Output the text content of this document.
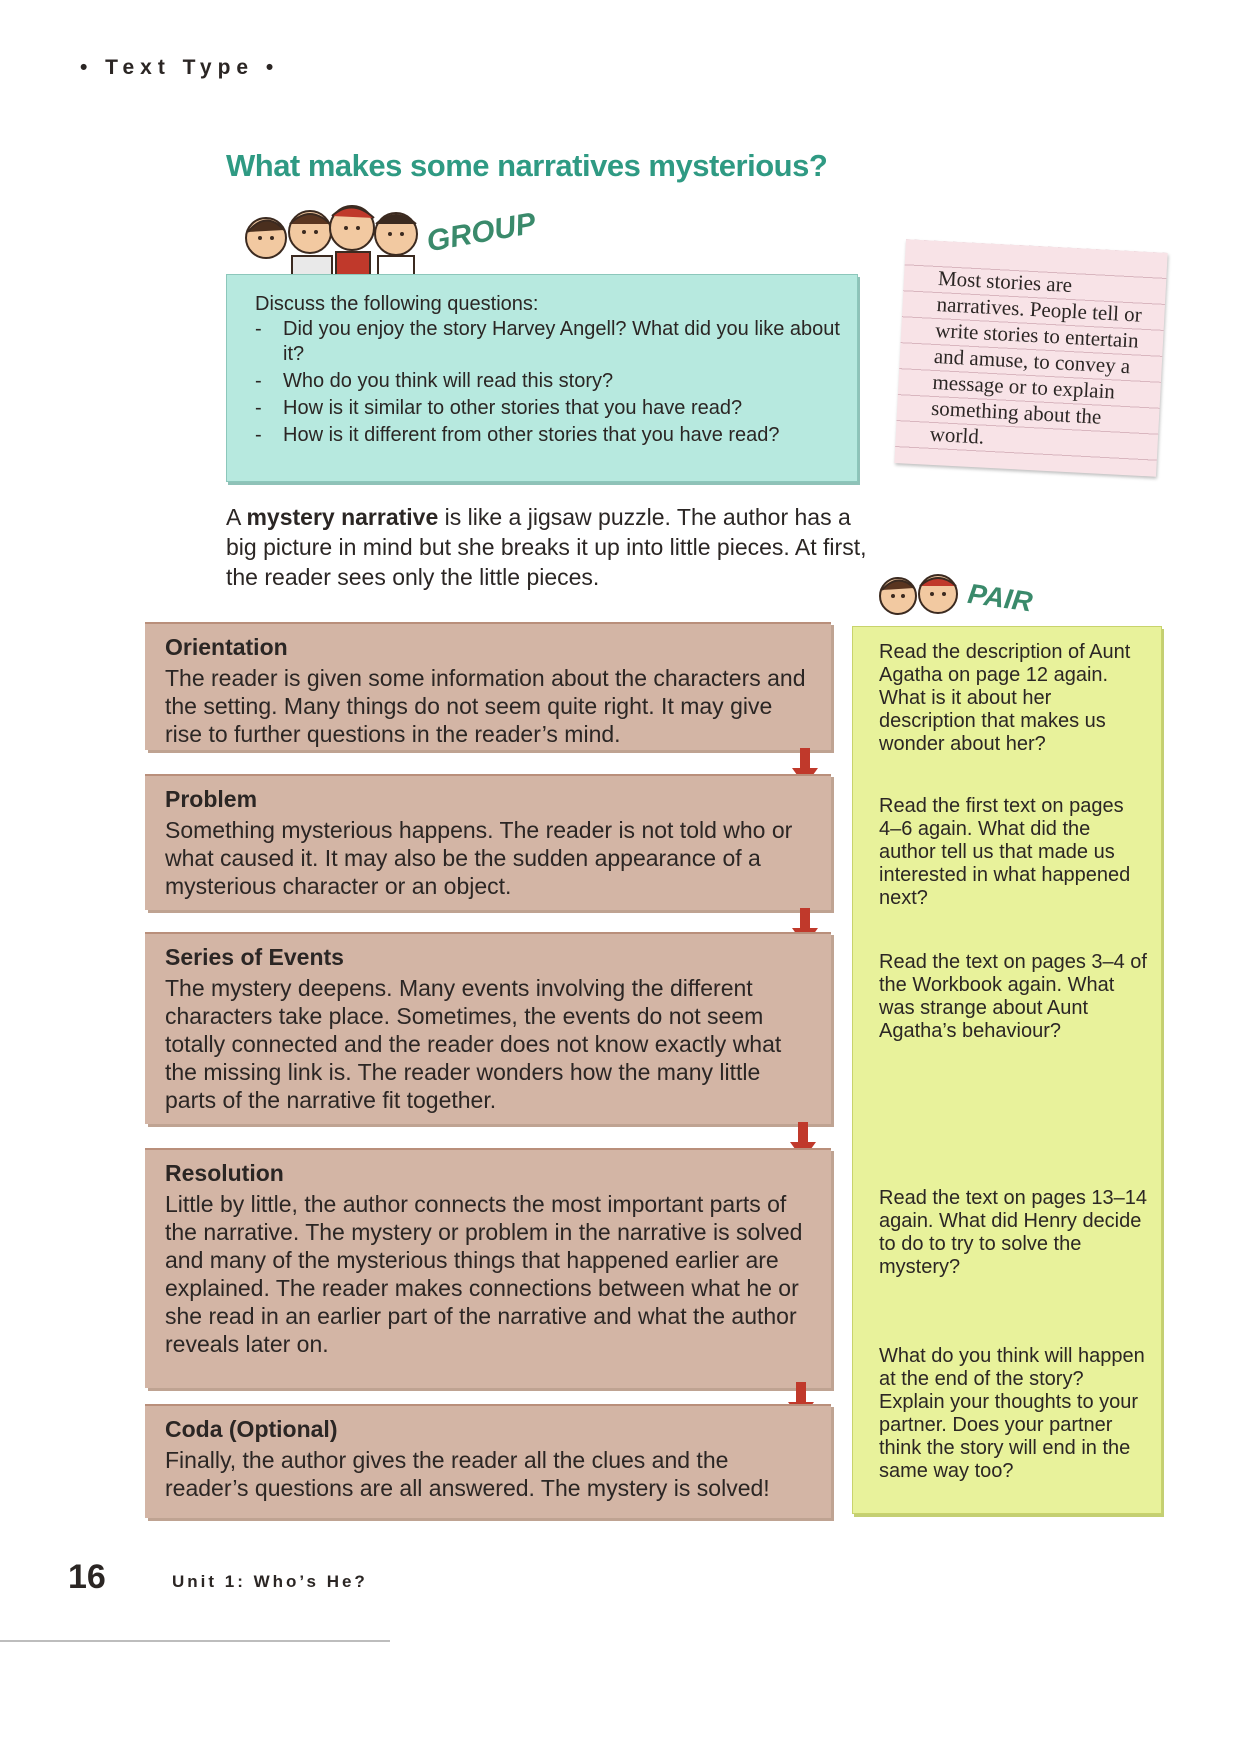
• Text Type •
What makes some narratives mysterious?
GROUP
Discuss the following questions:
- Did you enjoy the story Harvey Angell? What did you like about it?
- Who do you think will read this story?
- How is it similar to other stories that you have read?
- How is it different from other stories that you have read?
Most stories are narratives. People tell or write stories to entertain and amuse, to convey a message or to explain something about the world.
A mystery narrative is like a jigsaw puzzle. The author has a big picture in mind but she breaks it up into little pieces. At first, the reader sees only the little pieces.
Orientation
The reader is given some information about the characters and the setting. Many things do not seem quite right. It may give rise to further questions in the reader’s mind.
Problem
Something mysterious happens. The reader is not told who or what caused it. It may also be the sudden appearance of a mysterious character or an object.
Series of Events
The mystery deepens. Many events involving the different characters take place. Sometimes, the events do not seem totally connected and the reader does not know exactly what the missing link is. The reader wonders how the many little parts of the narrative fit together.
Resolution
Little by little, the author connects the most important parts of the narrative. The mystery or problem in the narrative is solved and many of the mysterious things that happened earlier are explained. The reader makes connections between what he or she read in an earlier part of the narrative and what the author reveals later on.
Coda (Optional)
Finally, the author gives the reader all the clues and the reader’s questions are all answered. The mystery is solved!
PAIR
Read the description of Aunt Agatha on page 12 again. What is it about her description that makes us wonder about her?
Read the first text on pages 4–6 again. What did the author tell us that made us interested in what happened next?
Read the text on pages 3–4 of the Workbook again. What was strange about Aunt Agatha’s behaviour?
Read the text on pages 13–14 again. What did Henry decide to do to try to solve the mystery?
What do you think will happen at the end of the story? Explain your thoughts to your partner. Does your partner think the story will end in the same way too?
16	Unit 1: Who’s He?
